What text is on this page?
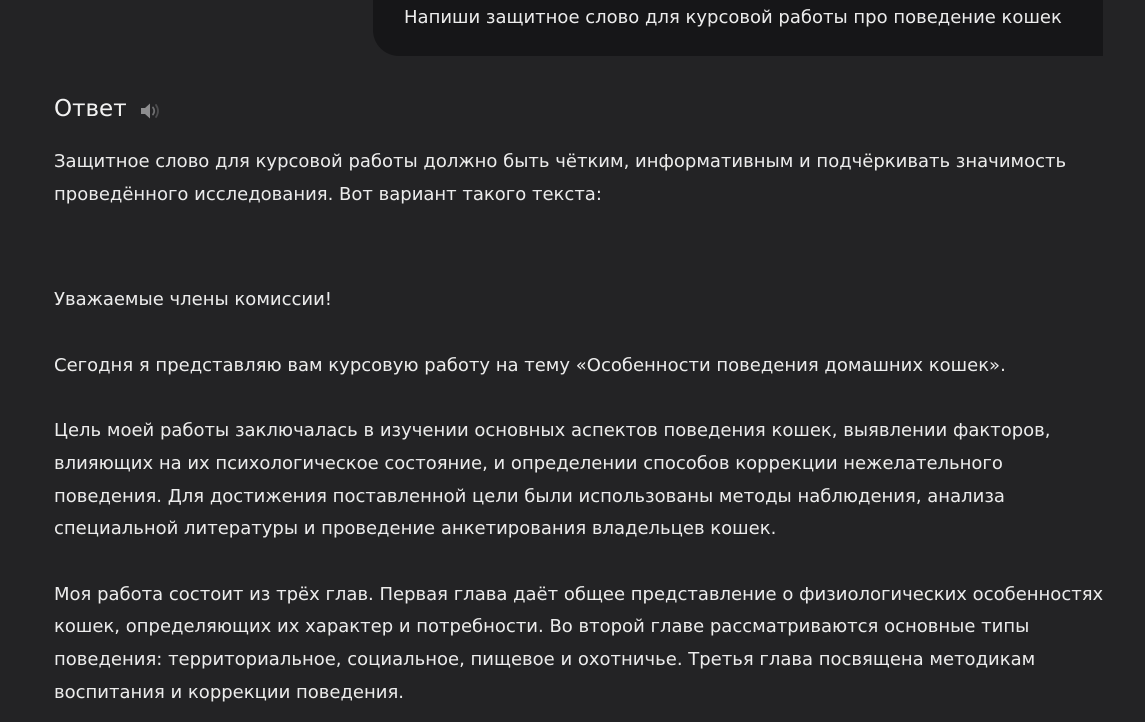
Напиши защитное слово для курсовой работы про поведение кошек
Ответ

Защитное слово для курсовой работы должно быть чётким, информативным и подчёркивать значимость проведённого исследования. Вот вариант такого текста:

Уважаемые члены комиссии!

Сегодня я представляю вам курсовую работу на тему «Особенности поведения домашних кошек».

Цель моей работы заключалась в изучении основных аспектов поведения кошек, выявлении факторов, влияющих на их психологическое состояние, и определении способов коррекции нежелательного поведения. Для достижения поставленной цели были использованы методы наблюдения, анализа специальной литературы и проведение анкетирования владельцев кошек.

Моя работа состоит из трёх глав. Первая глава даёт общее представление о физиологических особенностях кошек, определяющих их характер и потребности. Во второй главе рассматриваются основные типы поведения: территориальное, социальное, пищевое и охотничье. Третья глава посвящена методикам воспитания и коррекции поведения.
